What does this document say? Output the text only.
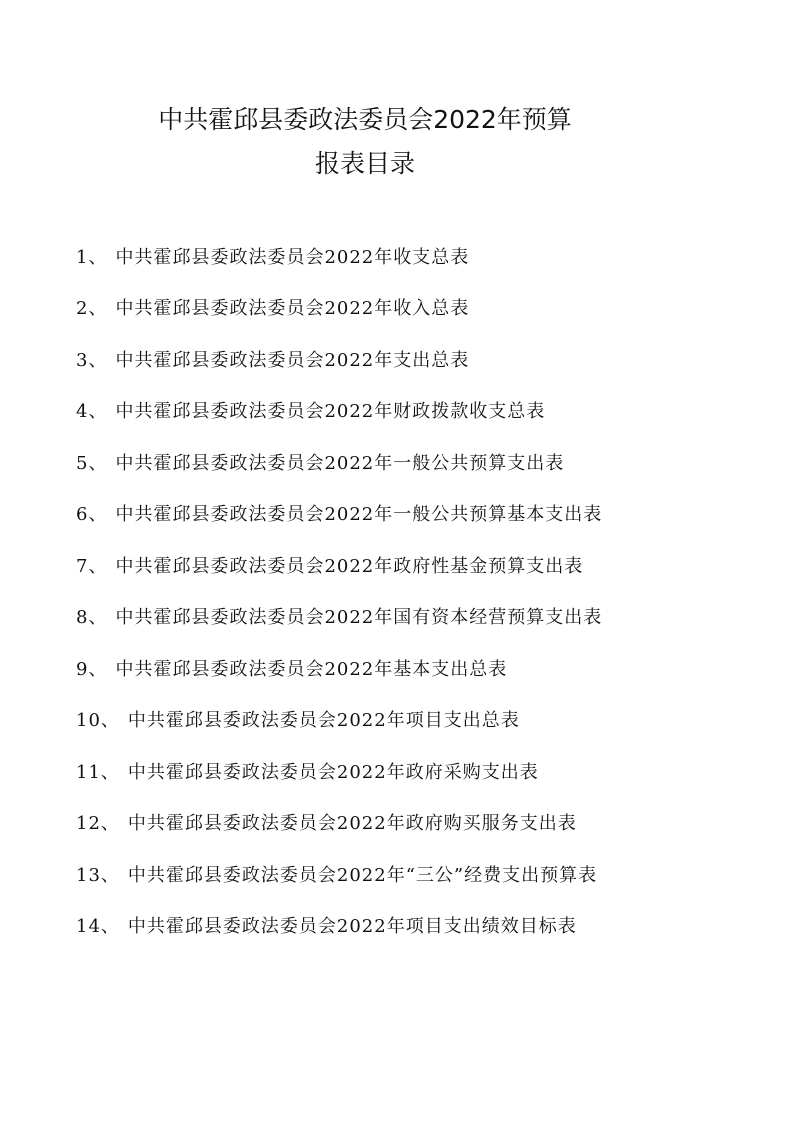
中共霍邱县委政法委员会2022年预算
报表目录
1 、 中共霍邱县委政法委员会2022年收支总表
2 、 中共霍邱县委政法委员会2022年收入总表
3 、 中共霍邱县委政法委员会2022年支出总表
4 、 中共霍邱县委政法委员会2022年财政拨款收支总表
5 、 中共霍邱县委政法委员会2022年一般公共预算支出表
6 、 中共霍邱县委政法委员会2022年一般公共预算基本支出表
7 、 中共霍邱县委政法委员会2022年政府性基金预算支出表
8 、 中共霍邱县委政法委员会2022年国有资本经营预算支出表
9 、 中共霍邱县委政法委员会2022年基本支出总表
10 、 中共霍邱县委政法委员会2022年项目支出总表
11 、 中共霍邱县委政法委员会2022年政府采购支出表
12 、 中共霍邱县委政法委员会2022年政府购买服务支出表
13 、 中共霍邱县委政法委员会2022年“三公”经费支出预算表
14 、 中共霍邱县委政法委员会2022年项目支出绩效目标表
